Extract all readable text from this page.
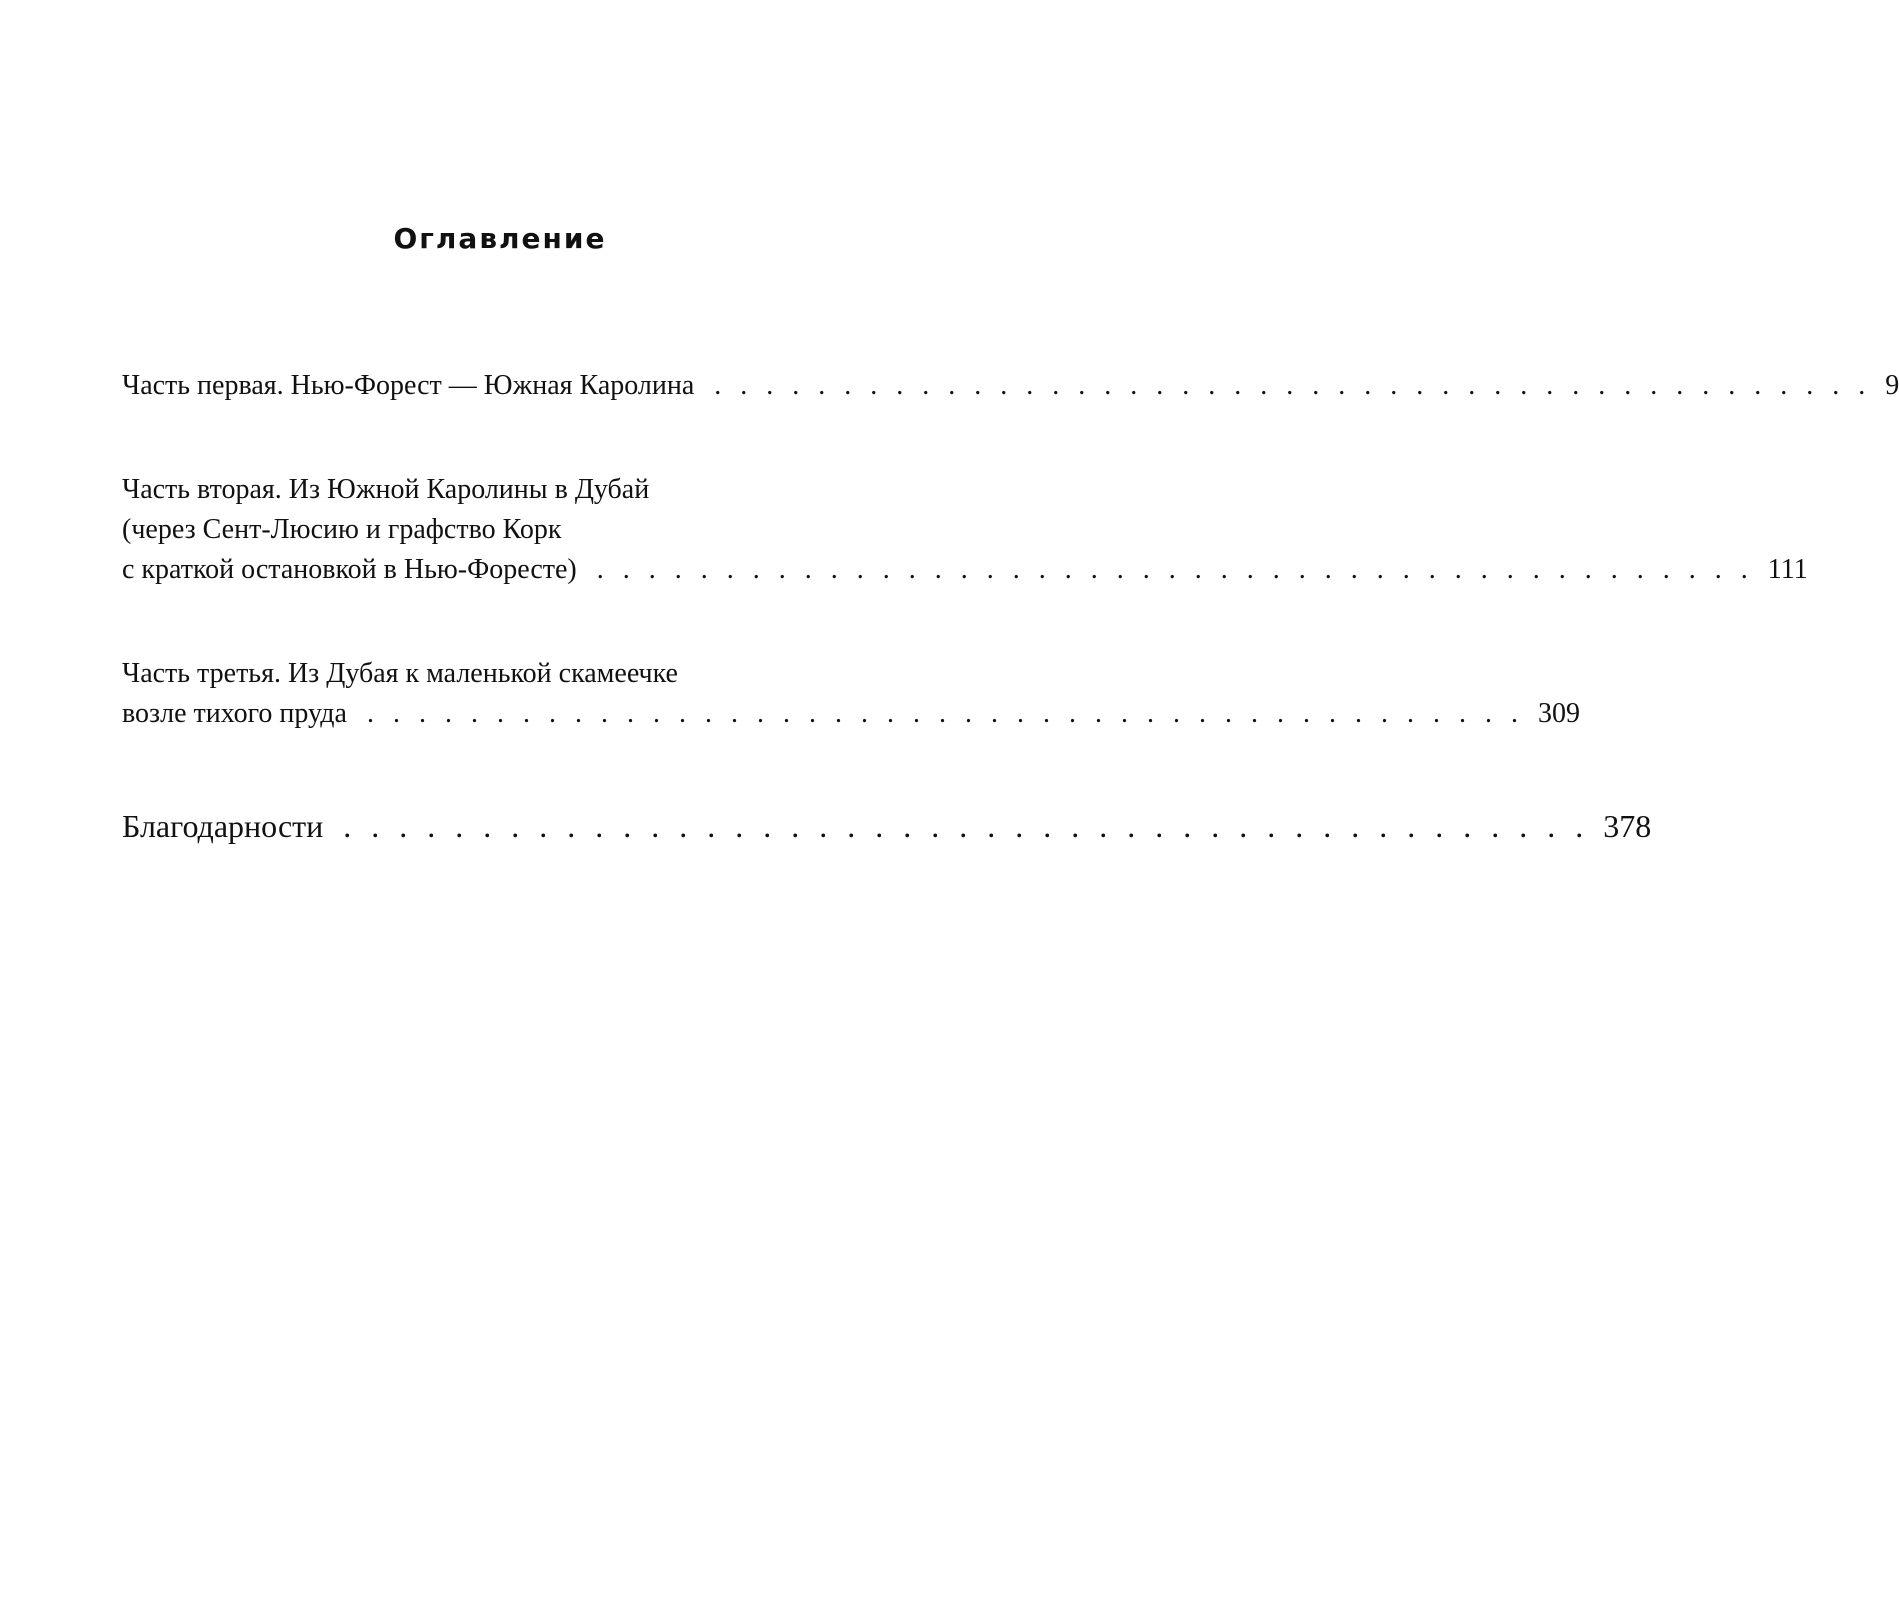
Оглавление
Часть первая. Нью-Форест — Южная Каролина . . . . . . . . . . . . . . . . . . . . . . . . . . . . . . . . . . . . . . . . . . . . . 9
Часть вторая. Из Южной Каролины в Дубай
(через Сент-Люсию и графство Корк
с краткой остановкой в Нью-Форесте) . . . . . . . . . . . . . . . . . . . . . . . . . . . . . . . . . . . . . . . . . . . . . 111
Часть третья. Из Дубая к маленькой скамеечке
возле тихого пруда . . . . . . . . . . . . . . . . . . . . . . . . . . . . . . . . . . . . . . . . . . . . . 309
Благодарности . . . . . . . . . . . . . . . . . . . . . . . . . . . . . . . . . . . . . . . . . . . . . 378
